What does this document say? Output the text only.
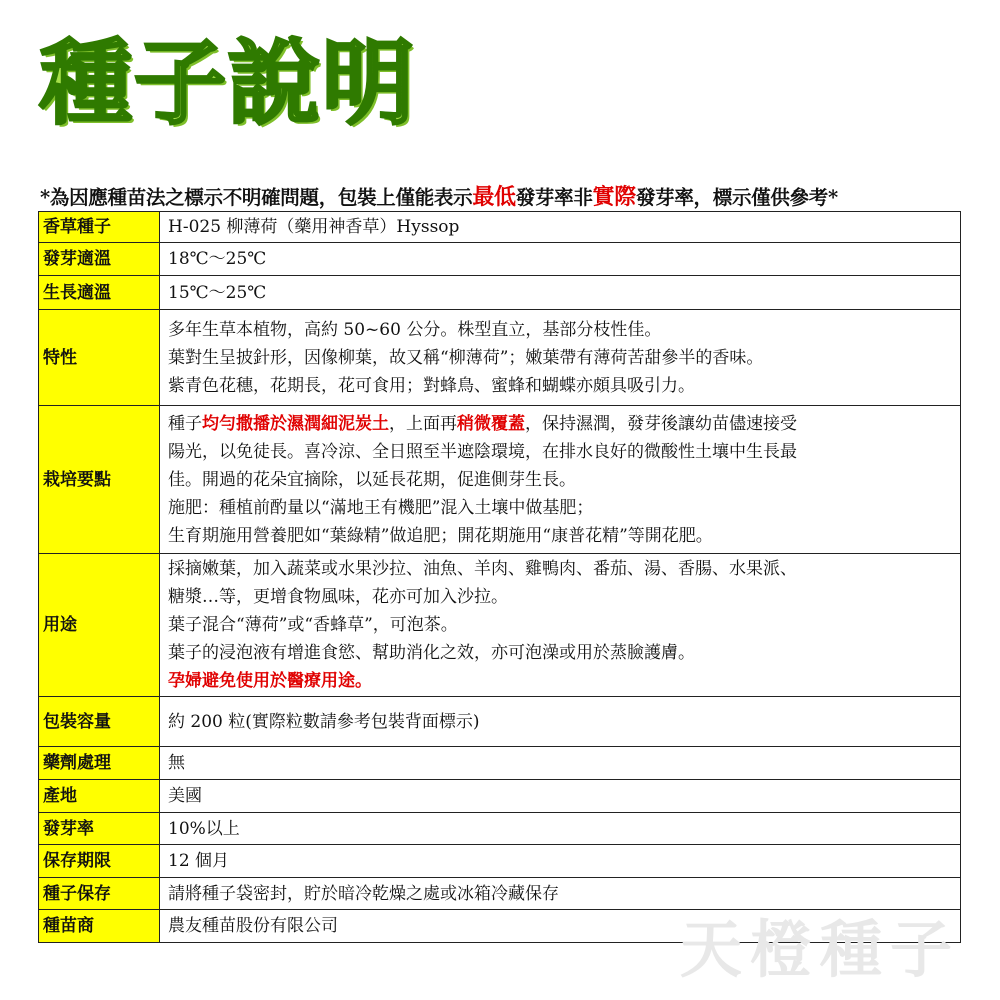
種子說明
*為因應種苗法之標示不明確問題，包裝上僅能表示最低發芽率非實際發芽率，標示僅供參考*
香草種子	H-025 柳薄荷（藥用神香草）Hyssop
發芽適溫	18℃～25℃
生長適溫	15℃～25℃
特性	多年生草本植物，高約 50~60 公分。株型直立，基部分枝性佳。
葉對生呈披針形，因像柳葉，故又稱“柳薄荷”；嫩葉帶有薄荷苦甜參半的香味。
紫青色花穗，花期長，花可食用；對蜂鳥、蜜蜂和蝴蝶亦頗具吸引力。

栽培要點	種子均勻撒播於濕潤細泥炭土，上面再稍微覆蓋，保持濕潤，發芽後讓幼苗儘速接受
陽光，以免徒長。喜冷涼、全日照至半遮陰環境，在排水良好的微酸性土壤中生長最
佳。開過的花朵宜摘除，以延長花期，促進側芽生長。
施肥：種植前酌量以“滿地王有機肥”混入土壤中做基肥；
生育期施用營養肥如“葉綠精”做追肥；開花期施用“康普花精”等開花肥。

用途	採摘嫩葉，加入蔬菜或水果沙拉、油魚、羊肉、雞鴨肉、番茄、湯、香腸、水果派、
糖漿…等，更增食物風味，花亦可加入沙拉。
葉子混合“薄荷”或“香蜂草”，可泡茶。
葉子的浸泡液有增進食慾、幫助消化之效，亦可泡澡或用於蒸臉護膚。
孕婦避免使用於醫療用途。

包裝容量	約 200 粒(實際粒數請參考包裝背面標示)
藥劑處理	無
產地	美國
發芽率	10%以上
保存期限	12 個月
種子保存	請將種子袋密封，貯於暗冷乾燥之處或冰箱冷藏保存
種苗商	農友種苗股份有限公司	天橙種子
